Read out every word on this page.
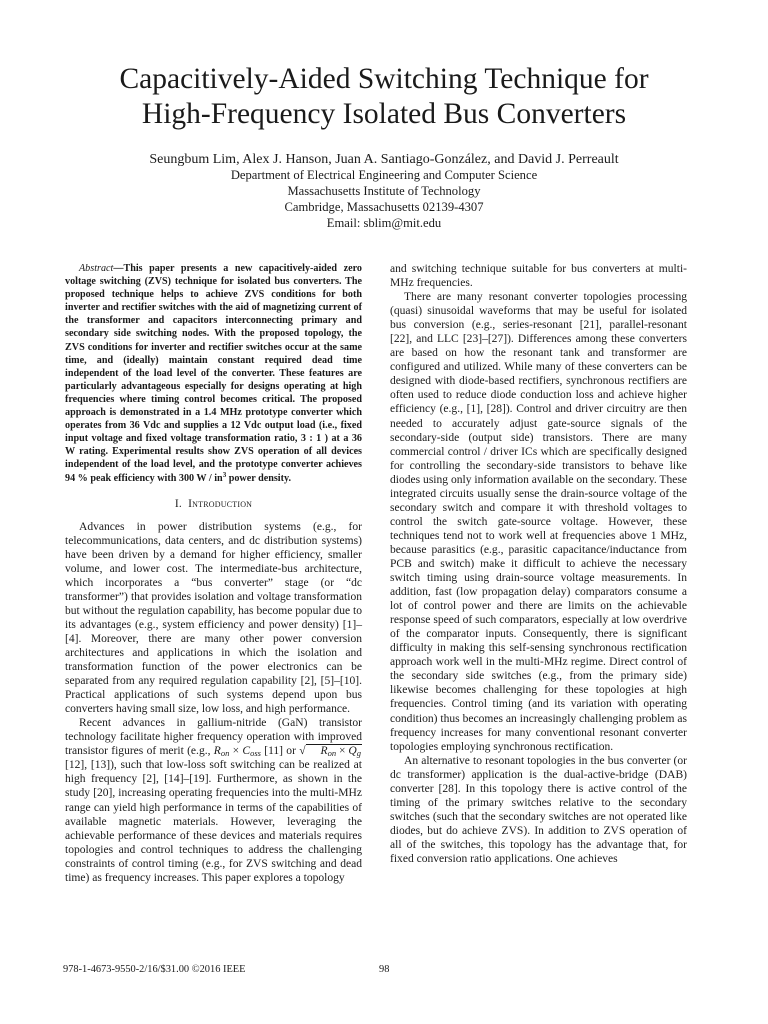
Capacitively-Aided Switching Technique for
High-Frequency Isolated Bus Converters
Seungbum Lim, Alex J. Hanson, Juan A. Santiago-González, and David J. Perreault
Department of Electrical Engineering and Computer Science
Massachusetts Institute of Technology
Cambridge, Massachusetts 02139-4307
Email: sblim@mit.edu

Abstract—This paper presents a new capacitively-aided zero voltage switching (ZVS) technique for isolated bus converters. The proposed technique helps to achieve ZVS conditions for both inverter and rectifier switches with the aid of magnetizing current of the transformer and capacitors interconnecting primary and secondary side switching nodes. With the proposed topology, the ZVS conditions for inverter and rectifier switches occur at the same time, and (ideally) maintain constant required dead time independent of the load level of the converter. These features are particularly advantageous especially for designs operating at high frequencies where timing control becomes critical. The proposed approach is demonstrated in a 1.4 MHz prototype converter which operates from 36 Vdc and supplies a 12 Vdc output load (i.e., fixed input voltage and fixed voltage transformation ratio, 3 : 1 ) at a 36 W rating. Experimental results show ZVS operation of all devices independent of the load level, and the prototype converter achieves 94 % peak efficiency with 300 W / $in^3$ power density.

I. Introduction

Advances in power distribution systems (e.g., for telecommunications, data centers, and dc distribution systems) have been driven by a demand for higher efficiency, smaller volume, and lower cost. The intermediate-bus architecture, which incorporates a “bus converter” stage (or “dc transformer”) that provides isolation and voltage transformation but without the regulation capability, has become popular due to its advantages (e.g., system efficiency and power density) [1]–[4]. Moreover, there are many other power conversion architectures and applications in which the isolation and transformation function of the power electronics can be separated from any required regulation capability [2], [5]–[10]. Practical applications of such systems depend upon bus converters having small size, low loss, and high performance.

Recent advances in gallium-nitride (GaN) transistor technology facilitate higher frequency operation with improved transistor figures of merit (e.g., $R_{on} \times C_{oss}$ [11] or √ $R_{on} \times Q_g$ [12], [13]), such that low-loss soft switching can be realized at high frequency [2], [14]–[19]. Furthermore, as shown in the study [20], increasing operating frequencies into the multi-MHz range can yield high performance in terms of the capabilities of available magnetic materials. However, leveraging the achievable performance of these devices and materials requires topologies and control techniques to address the challenging constraints of control timing (e.g., for ZVS switching and dead time) as frequency increases. This paper explores a topology

and switching technique suitable for bus converters at multi-MHz frequencies.

There are many resonant converter topologies processing (quasi) sinusoidal waveforms that may be useful for isolated bus conversion (e.g., series-resonant [21], parallel-resonant [22], and LLC [23]–[27]). Differences among these converters are based on how the resonant tank and transformer are configured and utilized. While many of these converters can be designed with diode-based rectifiers, synchronous rectifiers are often used to reduce diode conduction loss and achieve higher efficiency (e.g., [1], [28]). Control and driver circuitry are then needed to accurately adjust gate-source signals of the secondary-side (output side) transistors. There are many commercial control / driver ICs which are specifically designed for controlling the secondary-side transistors to behave like diodes using only information available on the secondary. These integrated circuits usually sense the drain-source voltage of the secondary switch and compare it with threshold voltages to control the switch gate-source voltage. However, these techniques tend not to work well at frequencies above 1 MHz, because parasitics (e.g., parasitic capacitance/inductance from PCB and switch) make it difficult to achieve the necessary switch timing using drain-source voltage measurements. In addition, fast (low propagation delay) comparators consume a lot of control power and there are limits on the achievable response speed of such comparators, especially at low overdrive of the comparator inputs. Consequently, there is significant difficulty in making this self-sensing synchronous rectification approach work well in the multi-MHz regime. Direct control of the secondary side switches (e.g., from the primary side) likewise becomes challenging for these topologies at high frequencies. Control timing (and its variation with operating condition) thus becomes an increasingly challenging problem as frequency increases for many conventional resonant converter topologies employing synchronous rectification.

An alternative to resonant topologies in the bus converter (or dc transformer) application is the dual-active-bridge (DAB) converter [28]. In this topology there is active control of the timing of the primary switches relative to the secondary switches (such that the secondary switches are not operated like diodes, but do achieve ZVS). In addition to ZVS operation of all of the switches, this topology has the advantage that, for fixed conversion ratio applications. One achieves

978-1-4673-9550-2/16/$31.00 ©2016 IEEE	98
